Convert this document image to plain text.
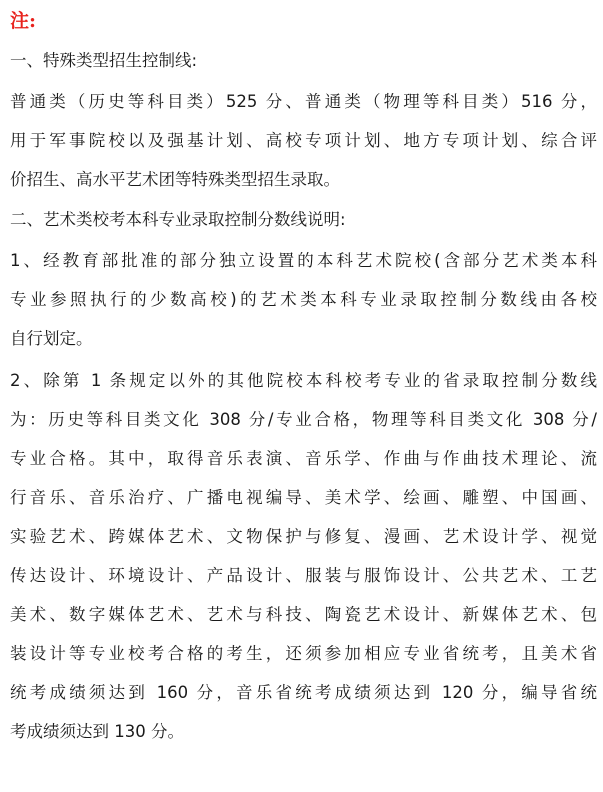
注:
一、特殊类型招生控制线:
普通类（历史等科目类）525 分、普通类（物理等科目类）516 分，
用于军事院校以及强基计划、高校专项计划、地方专项计划、综合评
价招生、高水平艺术团等特殊类型招生录取。
二、艺术类校考本科专业录取控制分数线说明:
1、经教育部批准的部分独立设置的本科艺术院校(含部分艺术类本科
专业参照执行的少数高校)的艺术类本科专业录取控制分数线由各校
自行划定。
2、除第 1 条规定以外的其他院校本科校考专业的省录取控制分数线
为：历史等科目类文化 308 分/专业合格，物理等科目类文化 308 分/
专业合格。其中，取得音乐表演、音乐学、作曲与作曲技术理论、流
行音乐、音乐治疗、广播电视编导、美术学、绘画、雕塑、中国画、
实验艺术、跨媒体艺术、文物保护与修复、漫画、艺术设计学、视觉
传达设计、环境设计、产品设计、服装与服饰设计、公共艺术、工艺
美术、数字媒体艺术、艺术与科技、陶瓷艺术设计、新媒体艺术、包
装设计等专业校考合格的考生，还须参加相应专业省统考，且美术省
统考成绩须达到 160 分，音乐省统考成绩须达到 120 分，编导省统
考成绩须达到 130 分。
